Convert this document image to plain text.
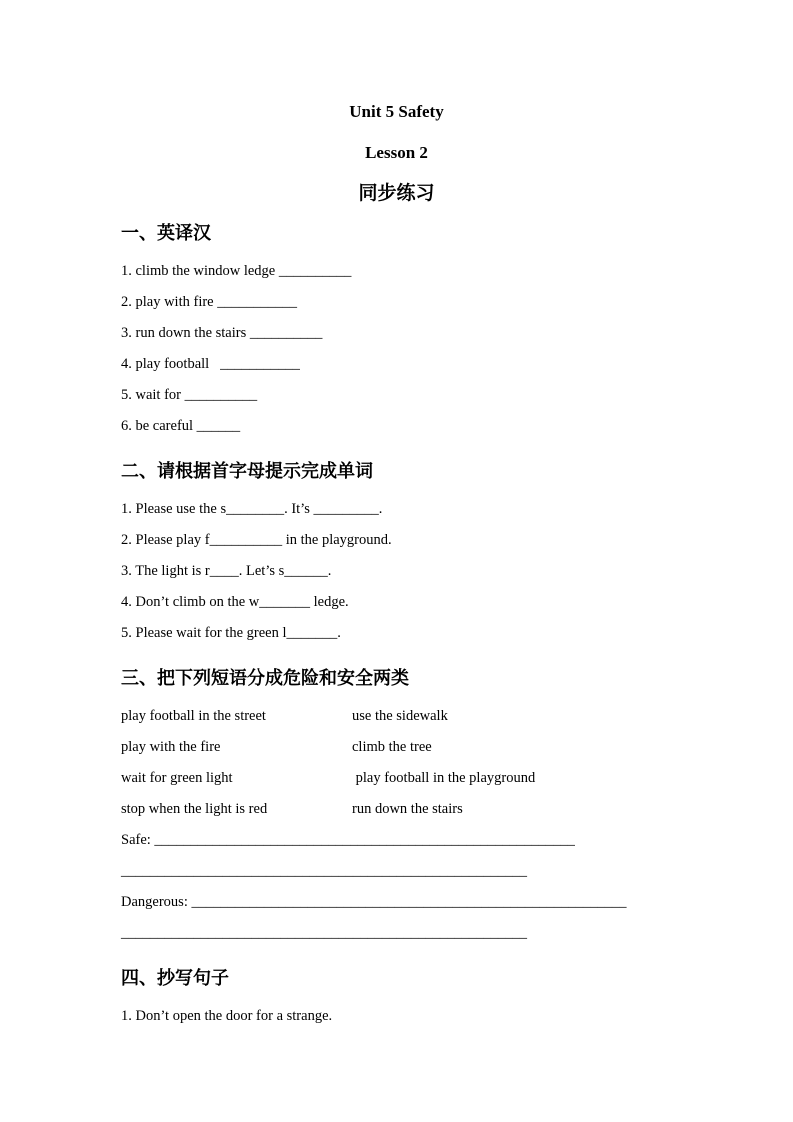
Unit 5 Safety
Lesson 2
同步练习
一、英译汉

1. climb the window ledge __________

2. play with fire ___________

3. run down the stairs __________

4. play football   ___________

5. wait for __________

6. be careful ______

二、请根据首字母提示完成单词

1. Please use the s________. It’s _________.

2. Please play f__________ in the playground.

3. The light is r____. Let’s s______.

4. Don’t climb on the w_______ ledge.

5. Please wait for the green l_______.

三、把下列短语分成危险和安全两类

play football in the street	use the sidewalk

play with the fire	climb the tree

wait for green light	play football in the playground

stop when the light is red	run down the stairs

Safe: __________________________________________________________

________________________________________________________

Dangerous: ____________________________________________________________

________________________________________________________

四、抄写句子

1. Don’t open the door for a strange.
